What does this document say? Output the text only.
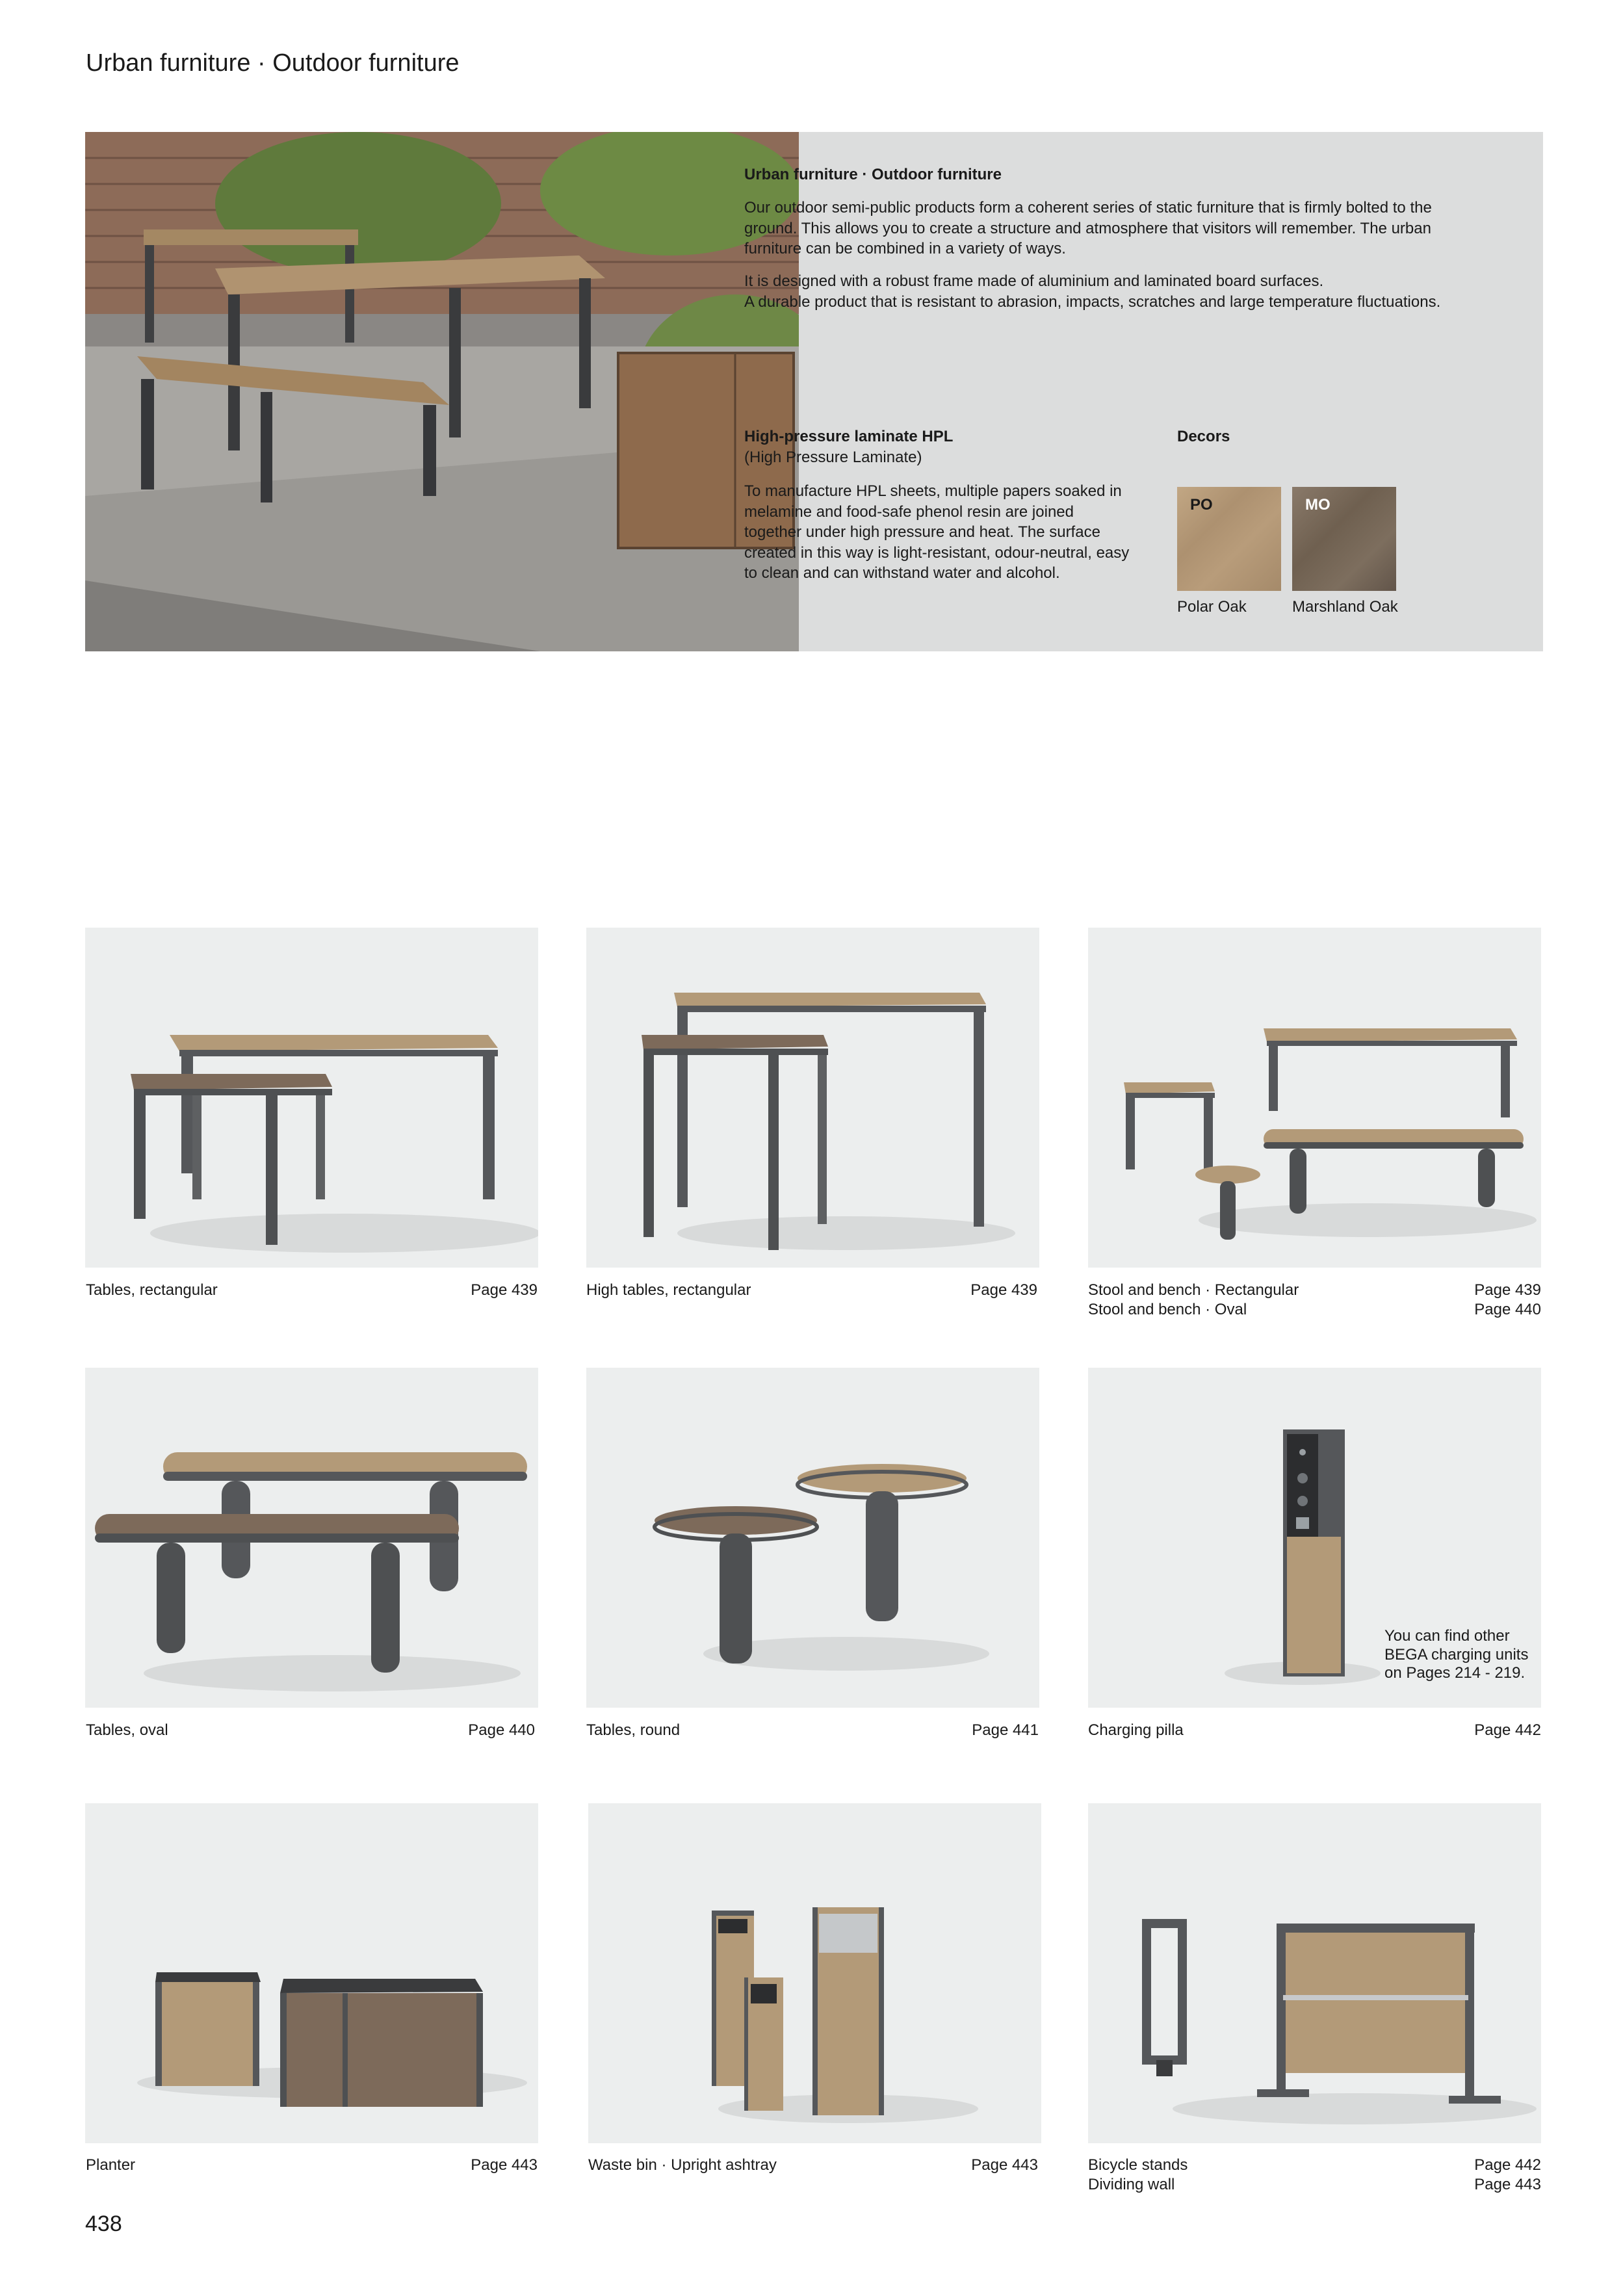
Urban furniture · Outdoor furniture
Urban furniture · Outdoor furniture
Our outdoor semi-public products form a coherent series of static furniture that is firmly bolted to the ground. This allows you to create a structure and atmosphere that visitors will remember. The urban furniture can be combined in a variety of ways.
It is designed with a robust frame made of aluminium and laminated board surfaces.
A durable product that is resistant to abrasion, impacts, scratches and large temperature fluctuations.
High-pressure laminate HPL
(High Pressure Laminate)
To manufacture HPL sheets, multiple papers soaked in melamine and food-safe phenol resin are joined together under high pressure and heat. The surface created in this way is light-resistant, odour-neutral, easy to clean and can withstand water and alcohol.
Decors
PO	MO
Polar Oak	Marshland Oak
Tables, rectangular	Page 439	High tables, rectangular	Page 439	Stool and bench · Rectangular	Page 439
Stool and bench · Oval	Page 440
You can find other
BEGA charging units
on Pages 214 - 219.
Tables, oval	Page 440	Tables, round	Page 441	Charging pilla	Page 442
Planter	Page 443	Waste bin · Upright ashtray	Page 443	Bicycle stands	Page 442
Dividing wall	Page 443
438
